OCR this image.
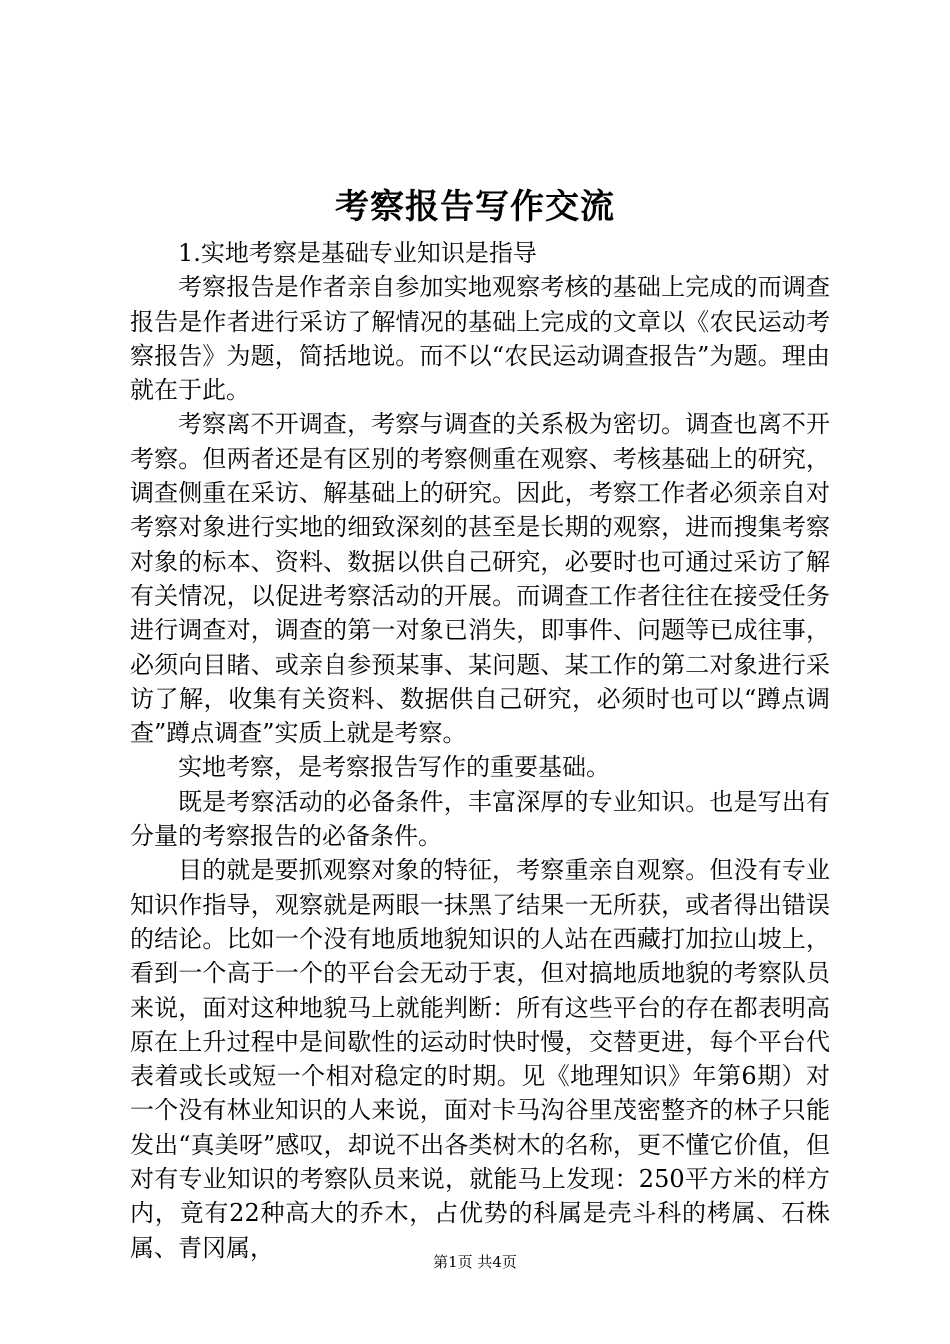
考察报告写作交流

1.实地考察是基础专业知识是指导

考察报告是作者亲自参加实地观察考核的基础上完成的而调查报告是作者进行采访了解情况的基础上完成的文章以《农民运动考察报告》为题，简括地说。而不以“农民运动调查报告”为题。理由就在于此。

考察离不开调查，考察与调查的关系极为密切。调查也离不开考察。但两者还是有区别的考察侧重在观察、考核基础上的研究，调查侧重在采访、解基础上的研究。因此，考察工作者必须亲自对考察对象进行实地的细致深刻的甚至是长期的观察，进而搜集考察对象的标本、资料、数据以供自己研究，必要时也可通过采访了解有关情况，以促进考察活动的开展。而调查工作者往往在接受任务进行调查对，调查的第一对象已消失，即事件、问题等已成往事，必须向目睹、或亲自参预某事、某问题、某工作的第二对象进行采访了解，收集有关资料、数据供自己研究，必须时也可以“蹲点调查”蹲点调查”实质上就是考察。

实地考察，是考察报告写作的重要基础。

既是考察活动的必备条件，丰富深厚的专业知识。也是写出有分量的考察报告的必备条件。

目的就是要抓观察对象的特征，考察重亲自观察。但没有专业知识作指导，观察就是两眼一抹黑了结果一无所获，或者得出错误的结论。比如一个没有地质地貌知识的人站在西藏打加拉山坡上，看到一个高于一个的平台会无动于衷，但对搞地质地貌的考察队员来说，面对这种地貌马上就能判断：所有这些平台的存在都表明高原在上升过程中是间歇性的运动时快时慢，交替更进，每个平台代表着或长或短一个相对稳定的时期。见《地理知识》年第6期）对一个没有林业知识的人来说，面对卡马沟谷里茂密整齐的林子只能发出“真美呀”感叹，却说不出各类树木的名称，更不懂它价值，但对有专业知识的考察队员来说，就能马上发现：250平方米的样方内，竟有22种高大的乔木，占优势的科属是壳斗科的栲属、石株属、青冈属，

第1页 共4页
